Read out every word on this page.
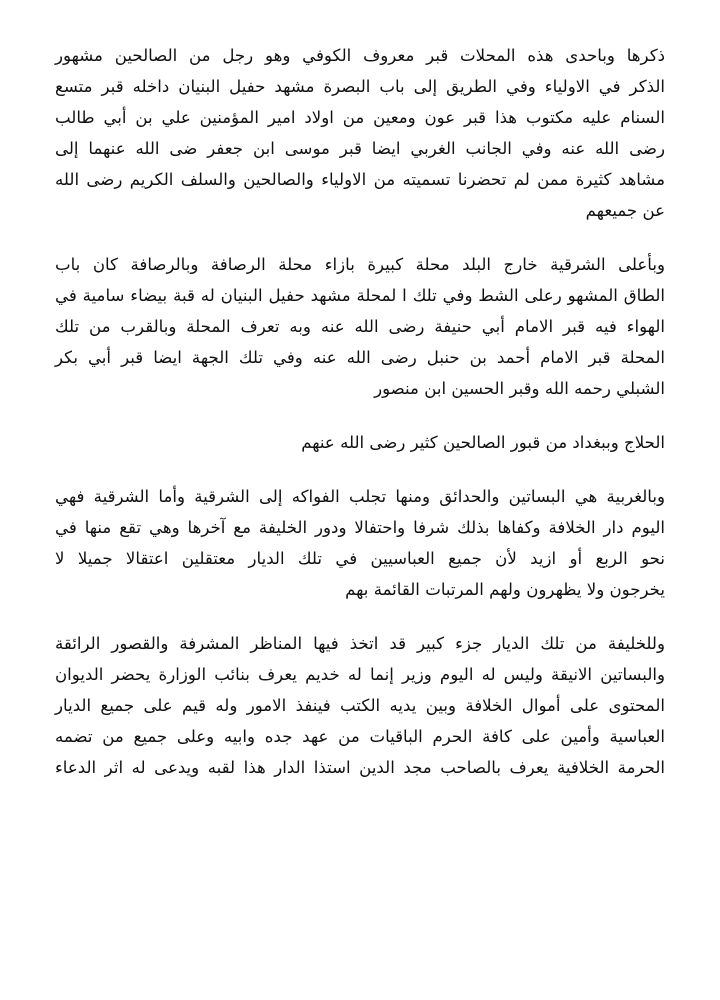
ذكرها وباحدى هذه المحلات قبر معروف الكوفي وهو رجل من الصالحين مشهور
الذكر في الاولياء وفي الطريق إلى باب البصرة مشهد حفيل البنيان داخله قبر متسع
السنام عليه مكتوب هذا قبر عون ومعين من اولاد امير المؤمنين علي بن أبي طالب
رضى الله عنه وفي الجانب الغربي ايضا قبر موسى ابن جعفر ضى الله عنهما إلى
مشاهد كثيرة ممن لم تحضرنا تسميته من الاولياء والصالحين والسلف الكريم رضى الله
عن جميعهم
وبأعلى الشرقية خارج البلد محلة كبيرة بازاء محلة الرصافة وبالرصافة كان باب
الطاق المشهو رعلى الشط وفي تلك ا لمحلة مشهد حفيل البنيان له قبة بيضاء سامية في
الهواء فيه قبر الامام أبي حنيفة رضى الله عنه وبه تعرف المحلة وبالقرب من تلك
المحلة قبر الامام أحمد بن حنبل رضى الله عنه وفي تلك الجهة ايضا قبر أبي بكر
الشبلي رحمه الله وقبر الحسين ابن منصور
الحلاج وببغداد من قبور الصالحين كثير رضى الله عنهم
وبالغربية هي البساتين والحدائق ومنها تجلب الفواكه إلى الشرقية وأما الشرقية فهي
اليوم دار الخلافة وكفاها بذلك شرفا واحتفالا ودور الخليفة مع آخرها وهي تقع منها في
نحو الربع أو ازيد لأن جميع العباسيين في تلك الديار معتقلين اعتقالا جميلا لا
يخرجون ولا يظهرون ولهم المرتبات القائمة بهم
وللخليفة من تلك الديار جزء كبير قد اتخذ فيها المناظر المشرفة والقصور الرائقة
والبساتين الانيقة وليس له اليوم وزير إنما له خديم يعرف بنائب الوزارة يحضر الديوان
المحتوى على أموال الخلافة وبين يديه الكتب فينفذ الامور وله قيم على جميع الديار
العباسية وأمين على كافة الحرم الباقيات من عهد جده وابيه وعلى جميع من تضمه
الحرمة الخلافية يعرف بالصاحب مجد الدين استذا الدار هذا لقبه ويدعى له اثر الدعاء
